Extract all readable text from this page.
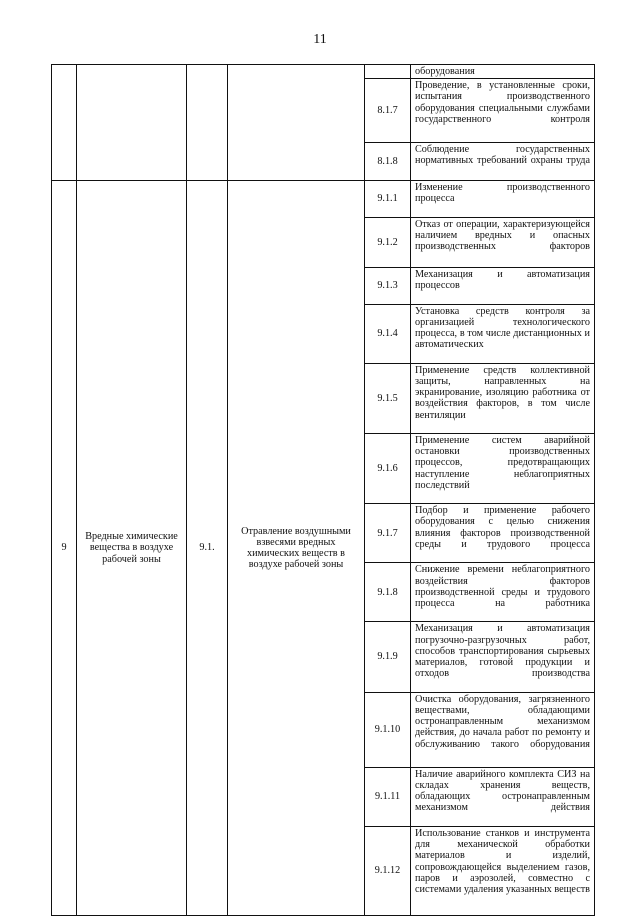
11

					оборудования

				8.1.7	Проведение, в установленные сроки, испытания производственного оборудования специальными службами государственного контроля

				8.1.8	Соблюдение государственных нормативных требований охраны труда

9	Вредные химические вещества в воздухе рабочей зоны	9.1.	Отравление воздушными взвесями вредных химических веществ в воздухе рабочей зоны	9.1.1	Изменение производственного процесса

				9.1.2	Отказ от операции, характеризующейся наличием вредных и опасных производственных факторов

				9.1.3	Механизация и автоматизация процессов

				9.1.4	Установка средств контроля за организацией технологического процесса, в том числе дистанционных и автоматических

				9.1.5	Применение средств коллективной защиты, направленных на экранирование, изоляцию работника от воздействия факторов, в том числе вентиляции

				9.1.6	Применение систем аварийной остановки производственных процессов, предотвращающих наступление неблагоприятных последствий

				9.1.7	Подбор и применение рабочего оборудования с целью снижения влияния факторов производственной среды и трудового процесса

				9.1.8	Снижение времени неблагоприятного воздействия факторов производственной среды и трудового процесса на работника

				9.1.9	Механизация и автоматизация погрузочно-разгрузочных работ, способов транспортирования сырьевых материалов, готовой продукции и отходов производства

				9.1.10	Очистка оборудования, загрязненного веществами, обладающими остронаправленным механизмом действия, до начала работ по ремонту и обслуживанию такого оборудования

				9.1.11	Наличие аварийного комплекта СИЗ на складах хранения веществ, обладающих остронаправленным механизмом действия

				9.1.12	Использование станков и инструмента для механической обработки материалов и изделий, сопровождающейся выделением газов, паров и аэрозолей, совместно с системами удаления указанных веществ
